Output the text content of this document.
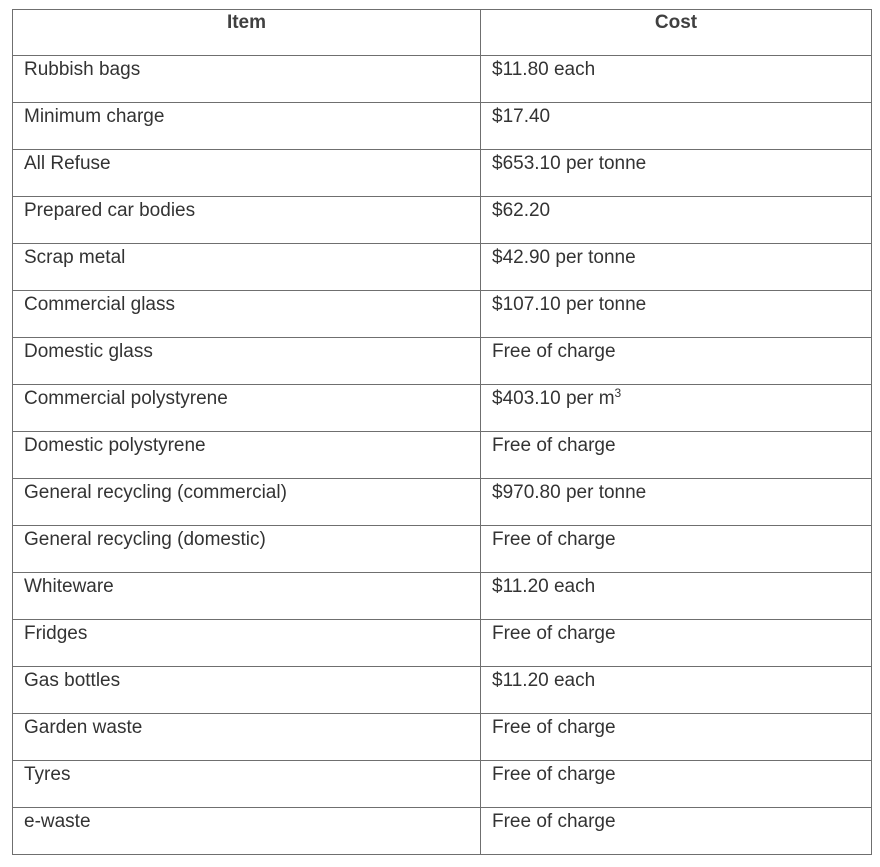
Item	Cost
Rubbish bags	$11.80 each
Minimum charge	$17.40
All Refuse	$653.10 per tonne
Prepared car bodies	$62.20
Scrap metal	$42.90 per tonne
Commercial glass	$107.10 per tonne
Domestic glass	Free of charge
Commercial polystyrene	$403.10 per $m^3$
Domestic polystyrene	Free of charge
General recycling (commercial)	$970.80 per tonne
General recycling (domestic)	Free of charge
Whiteware	$11.20 each
Fridges	Free of charge
Gas bottles	$11.20 each
Garden waste	Free of charge
Tyres	Free of charge
e-waste	Free of charge
